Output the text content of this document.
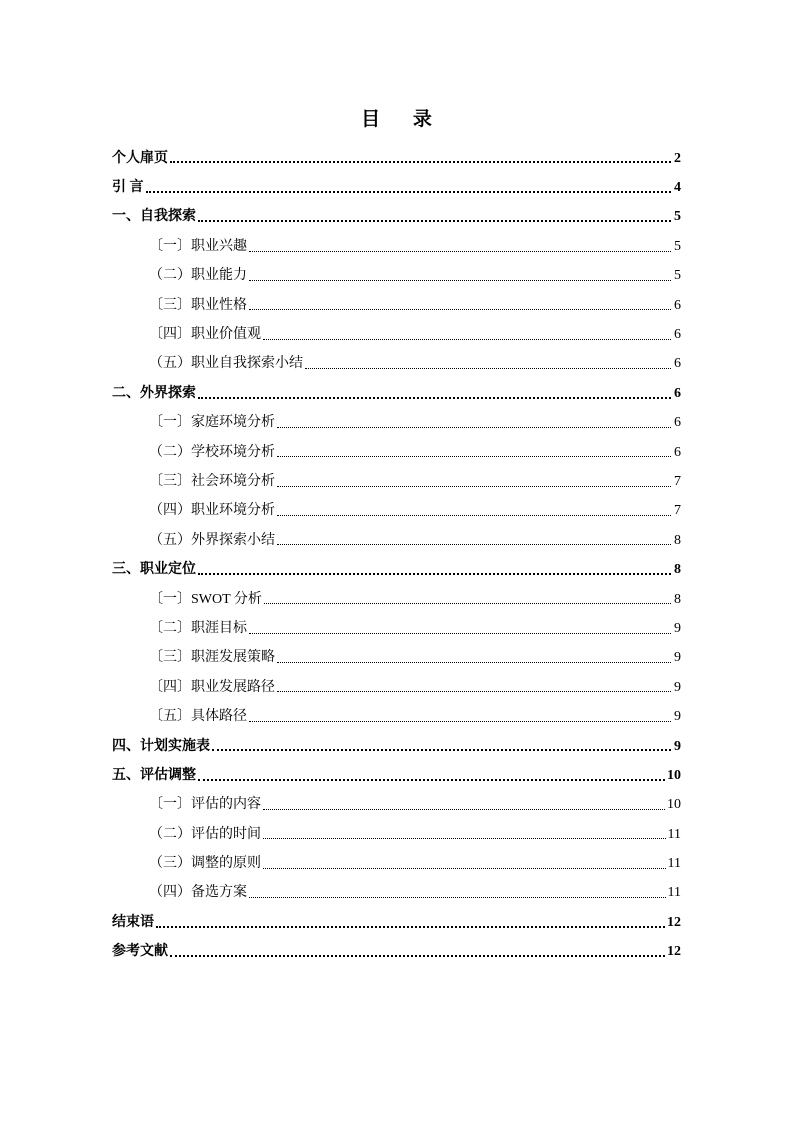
目 录
个人扉页	2
引 言	4
一、自我探索	5
〔一〕职业兴趣	5
（二）职业能力	5
〔三〕职业性格	6
〔四〕职业价值观	6
（五）职业自我探索小结	6
二、外界探索	6
〔一〕家庭环境分析	6
（二）学校环境分析	6
〔三〕社会环境分析	7
（四）职业环境分析	7
（五）外界探索小结	8
三、职业定位	8
〔一〕SWOT 分析	8
〔二〕职涯目标	9
〔三〕职涯发展策略	9
〔四〕职业发展路径	9
〔五〕具体路径	9
四、计划实施表	9
五、评估调整	10
〔一〕评估的内容	10
（二）评估的时间	11
（三）调整的原则	11
（四）备选方案	11
结束语	12
参考文献	12
